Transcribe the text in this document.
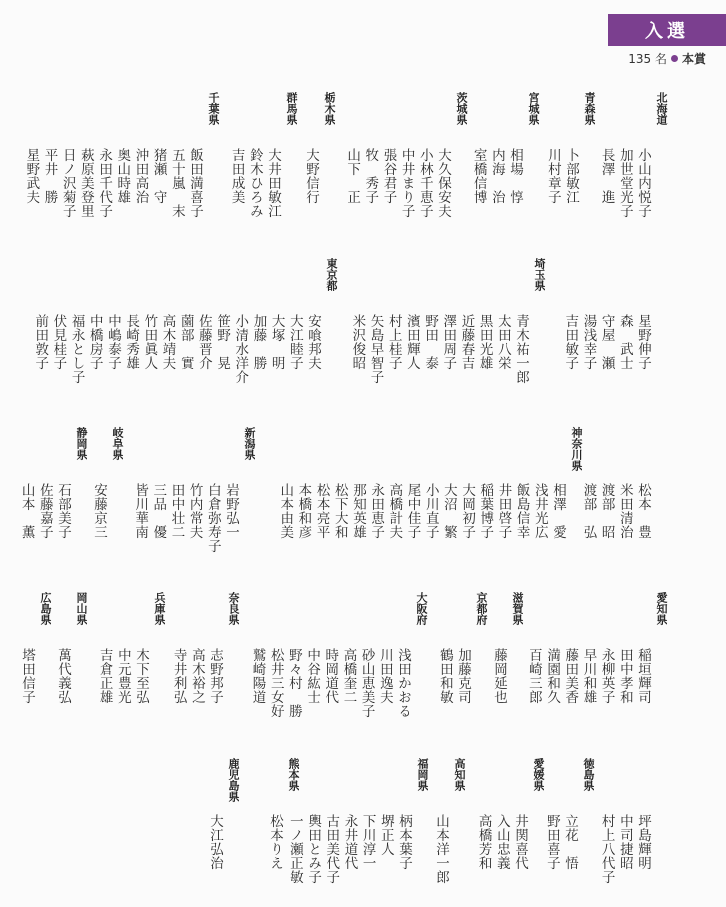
入選
135 名 本賞
北海道
小山内悦子
加世堂光子
長澤　進
青森県
卜部敏江
川村章子
宮城県
相場　惇
内海　治
室橋信博
茨城県
大久保安夫
小林千恵子
中井まり子
張谷君子
牧　秀子
山下　正
栃木県
大野信行
群馬県
大井田敏江
鈴木ひろみ
吉田成美
千葉県
飯田満喜子
五十嵐　末
猪瀬　守
沖田高治
奥山時雄
永田千代子
萩原美登里
日ノ沢菊子
平井　勝
星野武夫
星野伸子
森　武士
守屋　瀬
湯浅幸子
吉田敏子
埼玉県
青木祐一郎
太田八栄
黒田光雄
近藤春吉
澤田周子
野田　泰
濱田輝人
村上桂子
矢島早智子
米沢俊昭
東京都
安喰邦夫
大江睦子
大塚　明
加藤　勝
小清水洋介
笹野　晃
佐藤晋介
薗部　實
高木靖夫
竹田眞人
長崎秀雄
中嶋泰子
中橋房子
福永とし子
伏見桂子
前田敦子
松本　豊
米田清治
渡部　昭
渡部　弘
神奈川県
相澤　愛
浅井光広
飯島信幸
井田啓子
稲葉博子
大岡初子
大沼　繁
小川直子
尾中佳子
高橋計夫
永田恵子
那知英雄
松下大和
松本亮平
本橋和彦
山本由美
新潟県
岩野弘一
白倉弥寿子
竹内常夫
田中壮二
三品　優
皆川華南
岐阜県
安藤京三
静岡県
石部美子
佐藤嘉子
山本　薫
愛知県
稲垣輝司
田中孝和
永柳英子
早川和雄
藤田美香
満園和久
百崎三郎
滋賀県
藤岡延也
京都府
加藤克司
鶴田和敏
大阪府
浅田かおる
川田逸夫
砂山恵美子
高橋奎二
時岡道代
中谷紘士
野々村　勝
松井三女好
鷲崎陽道
奈良県
志野邦子
高木裕之
寺井利弘
兵庫県
木下至弘
中元豊光
吉倉正雄
岡山県
萬代義弘
広島県
塔田信子
坪島輝明
中司捷昭
村上八代子
徳島県
立花　悟
野田喜子
愛媛県
井関喜代
入山忠義
高橋芳和
高知県
山本洋一郎
福岡県
柄本葉子
堺正人
下川淳一
永井道代
古田美代子
輿田とみ子
一ノ瀬正敏
熊本県
松本りえ
鹿児島県
大江弘治
